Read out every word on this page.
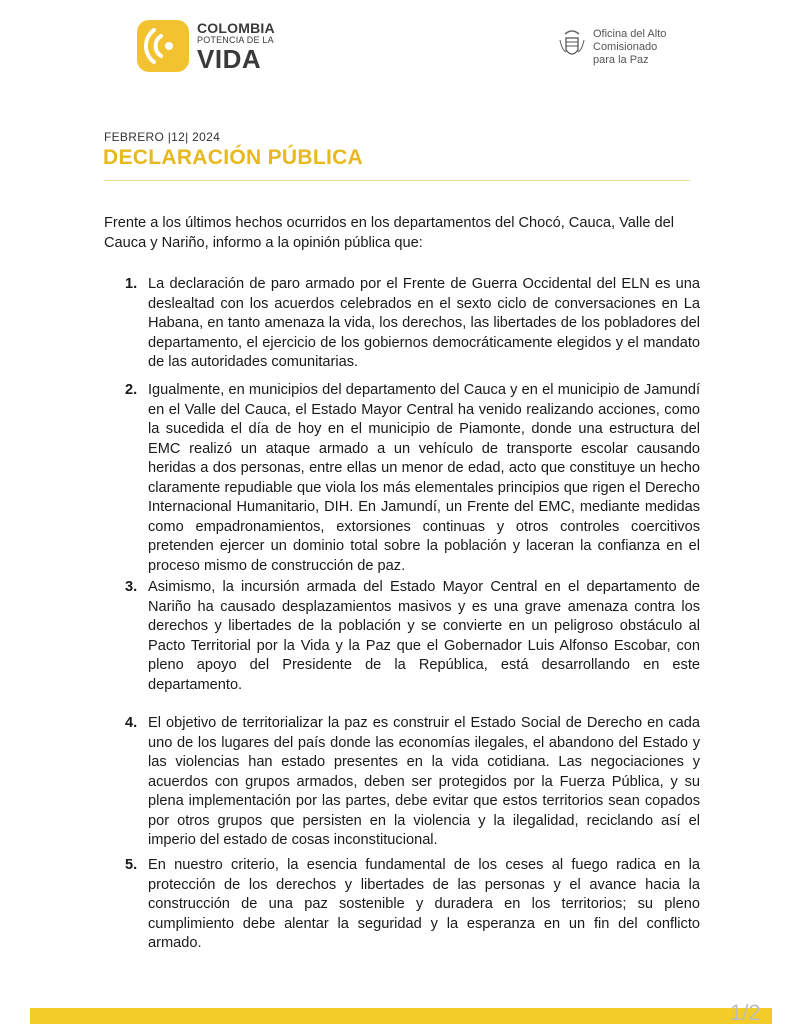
COLOMBIA
POTENCIA DE LA
VIDA
Oficina del Alto
Comisionado
para la Paz
FEBRERO |12| 2024
DECLARACIÓN PÚBLICA

Frente a los últimos hechos ocurridos en los departamentos del Chocó, Cauca, Valle del Cauca y Nariño, informo a la opinión pública que:

1. La declaración de paro armado por el Frente de Guerra Occidental del ELN es una deslealtad con los acuerdos celebrados en el sexto ciclo de conversaciones en La Habana, en tanto amenaza la vida, los derechos, las libertades de los pobladores del departamento, el ejercicio de los gobiernos democráticamente elegidos y el mandato de las autoridades comunitarias.
2. Igualmente, en municipios del departamento del Cauca y en el municipio de Jamundí en el Valle del Cauca, el Estado Mayor Central ha venido realizando acciones, como la sucedida el día de hoy en el municipio de Piamonte, donde una estructura del EMC realizó un ataque armado a un vehículo de transporte escolar causando heridas a dos personas, entre ellas un menor de edad, acto que constituye un hecho claramente repudiable que viola los más elementales principios que rigen el Derecho Internacional Humanitario, DIH. En Jamundí, un Frente del EMC, mediante medidas como empadronamientos, extorsiones continuas y otros controles coercitivos pretenden ejercer un dominio total sobre la población y laceran la confianza en el proceso mismo de construcción de paz.
3. Asimismo, la incursión armada del Estado Mayor Central en el departamento de Nariño ha causado desplazamientos masivos y es una grave amenaza contra los derechos y libertades de la población y se convierte en un peligroso obstáculo al Pacto Territorial por la Vida y la Paz que el Gobernador Luis Alfonso Escobar, con pleno apoyo del Presidente de la República, está desarrollando en este departamento.
4. El objetivo de territorializar la paz es construir el Estado Social de Derecho en cada uno de los lugares del país donde las economías ilegales, el abandono del Estado y las violencias han estado presentes en la vida cotidiana. Las negociaciones y acuerdos con grupos armados, deben ser protegidos por la Fuerza Pública, y su plena implementación por las partes, debe evitar que estos territorios sean copados por otros grupos que persisten en la violencia y la ilegalidad, reciclando así el imperio del estado de cosas inconstitucional.
5. En nuestro criterio, la esencia fundamental de los ceses al fuego radica en la protección de los derechos y libertades de las personas y el avance hacia la construcción de una paz sostenible y duradera en los territorios; su pleno cumplimiento debe alentar la seguridad y la esperanza en un fin del conflicto armado.
1/2
